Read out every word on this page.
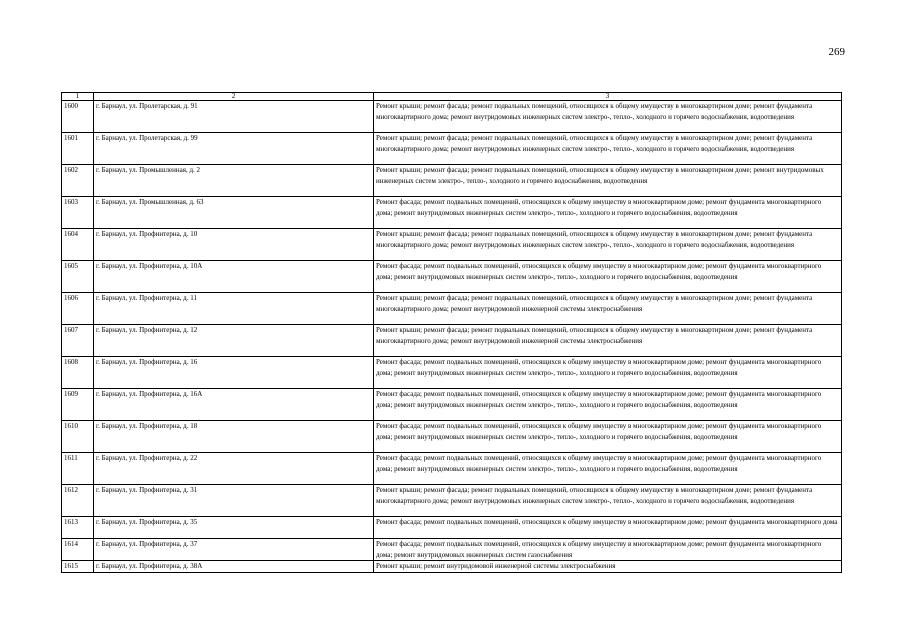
269
1	2	3
1600	г. Барнаул, ул. Пролетарская, д. 91	Ремонт крыши; ремонт фасада; ремонт подвальных помещений, относящихся к общему имуществу в многоквартирном доме; ремонт фундамента многоквартирного дома; ремонт внутридомовых инженерных систем электро-, тепло-, холодного и горячего водоснабжения, водоотведения
1601	г. Барнаул, ул. Пролетарская, д. 99	Ремонт крыши; ремонт фасада; ремонт подвальных помещений, относящихся к общему имуществу в многоквартирном доме; ремонт фундамента многоквартирного дома; ремонт внутридомовых инженерных систем электро-, тепло-, холодного и горячего водоснабжения, водоотведения
1602	г. Барнаул, ул. Промышленная, д. 2	Ремонт крыши; ремонт фасада; ремонт подвальных помещений, относящихся к общему имуществу в многоквартирном доме; ремонт внутридомовых инженерных систем электро-, тепло-, холодного и горячего водоснабжения, водоотведения
1603	г. Барнаул, ул. Промышленная, д. 63	Ремонт фасада; ремонт подвальных помещений, относящихся к общему имуществу в многоквартирном доме; ремонт фундамента многоквартирного дома; ремонт внутридомовых инженерных систем электро-, тепло-, холодного и горячего водоснабжения, водоотведения
1604	г. Барнаул, ул. Профинтерна, д. 10	Ремонт крыши; ремонт фасада; ремонт подвальных помещений, относящихся к общему имуществу в многоквартирном доме; ремонт фундамента многоквартирного дома; ремонт внутридомовых инженерных систем электро-, тепло-, холодного и горячего водоснабжения, водоотведения
1605	г. Барнаул, ул. Профинтерна, д. 10А	Ремонт фасада; ремонт подвальных помещений, относящихся к общему имуществу в многоквартирном доме; ремонт фундамента многоквартирного дома; ремонт внутридомовых инженерных систем электро-, тепло-, холодного и горячего водоснабжения, водоотведения
1606	г. Барнаул, ул. Профинтерна, д. 11	Ремонт крыши; ремонт фасада; ремонт подвальных помещений, относящихся к общему имуществу в многоквартирном доме; ремонт фундамента многоквартирного дома; ремонт внутридомовой инженерной системы электроснабжения
1607	г. Барнаул, ул. Профинтерна, д. 12	Ремонт крыши; ремонт фасада; ремонт подвальных помещений, относящихся к общему имуществу в многоквартирном доме; ремонт фундамента многоквартирного дома; ремонт внутридомовой инженерной системы электроснабжения
1608	г. Барнаул, ул. Профинтерна, д. 16	Ремонт фасада; ремонт подвальных помещений, относящихся к общему имуществу в многоквартирном доме; ремонт фундамента многоквартирного дома; ремонт внутридомовых инженерных систем электро-, тепло-, холодного и горячего водоснабжения, водоотведения
1609	г. Барнаул, ул. Профинтерна, д. 16А	Ремонт фасада; ремонт подвальных помещений, относящихся к общему имуществу в многоквартирном доме; ремонт фундамента многоквартирного дома; ремонт внутридомовых инженерных систем электро-, тепло-, холодного и горячего водоснабжения, водоотведения
1610	г. Барнаул, ул. Профинтерна, д. 18	Ремонт фасада; ремонт подвальных помещений, относящихся к общему имуществу в многоквартирном доме; ремонт фундамента многоквартирного дома; ремонт внутридомовых инженерных систем электро-, тепло-, холодного и горячего водоснабжения, водоотведения
1611	г. Барнаул, ул. Профинтерна, д. 22	Ремонт фасада; ремонт подвальных помещений, относящихся к общему имуществу в многоквартирном доме; ремонт фундамента многоквартирного дома; ремонт внутридомовых инженерных систем электро-, тепло-, холодного и горячего водоснабжения, водоотведения
1612	г. Барнаул, ул. Профинтерна, д. 31	Ремонт крыши; ремонт фасада; ремонт подвальных помещений, относящихся к общему имуществу в многоквартирном доме; ремонт фундамента многоквартирного дома; ремонт внутридомовых инженерных систем электро-, тепло-, холодного и горячего водоснабжения, водоотведения
1613	г. Барнаул, ул. Профинтерна, д. 35	Ремонт фасада; ремонт подвальных помещений, относящихся к общему имуществу в многоквартирном доме; ремонт фундамента многоквартирного дома
1614	г. Барнаул, ул. Профинтерна, д. 37	Ремонт фасада; ремонт подвальных помещений, относящихся к общему имуществу в многоквартирном доме; ремонт фундамента многоквартирного дома; ремонт внутридомовых инженерных систем газоснабжения
1615	г. Барнаул, ул. Профинтерна, д. 38А	Ремонт крыши; ремонт внутридомовой инженерной системы электроснабжения
